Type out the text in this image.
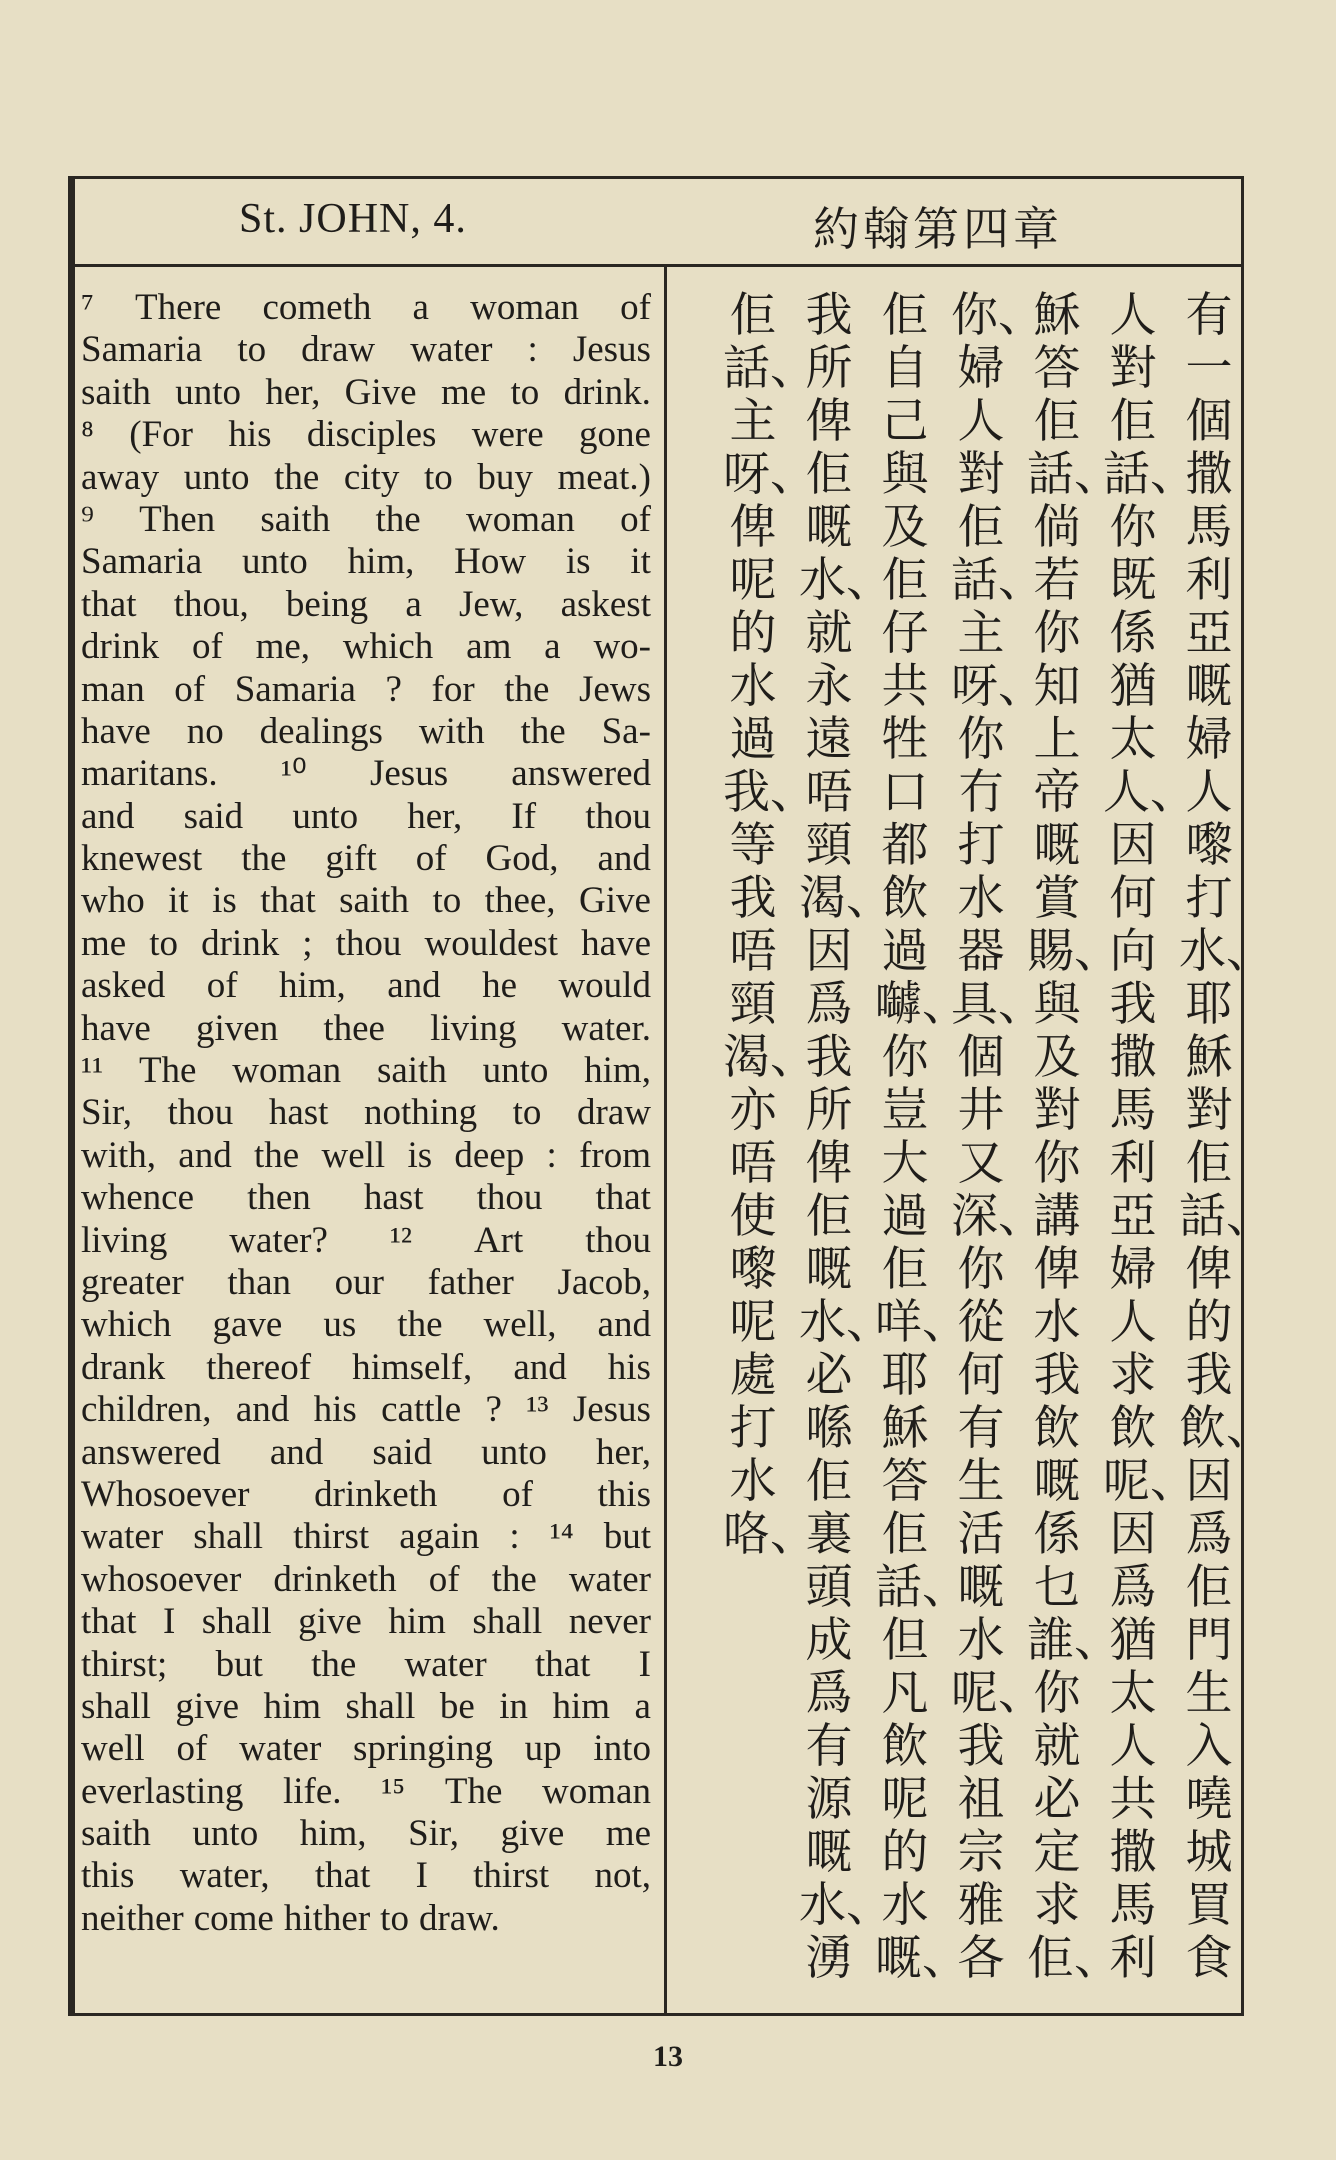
St. JOHN, 4.	約翰第四章
⁷ There cometh a woman of
Samaria to draw water : Jesus
saith unto her, Give me to drink.
⁸ (For his disciples were gone
away unto the city to buy meat.)
⁹ Then saith the woman of
Samaria unto him, How is it
that thou, being a Jew, askest
drink of me, which am a wo-
man of Samaria ? for the Jews
have no dealings with the Sa-
maritans. ¹⁰ Jesus answered
and said unto her, If thou
knewest the gift of God, and
who it is that saith to thee, Give
me to drink ; thou wouldest have
asked of him, and he would
have given thee living water.
¹¹ The woman saith unto him,
Sir, thou hast nothing to draw
with, and the well is deep : from
whence then hast thou that
living water? ¹² Art thou
greater than our father Jacob,
which gave us the well, and
drank thereof himself, and his
children, and his cattle ? ¹³ Jesus
answered and said unto her,
Whosoever drinketh of this
water shall thirst again : ¹⁴ but
whosoever drinketh of the water
that I shall give him shall never
thirst; but the water that I
shall give him shall be in him a
well of water springing up into
everlasting life. ¹⁵ The woman
saith unto him, Sir, give me
this water, that I thirst not,
neither come hither to draw.
有
一
個
撒
馬
利
亞
嘅
婦
人
嚟
打
水、
耶
穌
對
佢
話、
俾
的
我
飲、
因
爲
佢
門
生
入
嘵
城
買
食
人
對
佢
話、
你
既
係
猶
太
人、
因
何
向
我
撒
馬
利
亞
婦
人
求
飲
呢、
因
爲
猶
太
人
共
撒
馬
利
穌
答
佢
話、
倘
若
你
知
上
帝
嘅
賞
賜、
與
及
對
你
講
俾
水
我
飲
嘅
係
乜
誰、
你
就
必
定
求
佢、
你、
婦
人
對
佢
話、
主
呀、
你
冇
打
水
器
具、
個
井
又
深、
你
從
何
有
生
活
嘅
水
呢、
我
祖
宗
雅
各
佢
自
己
與
及
佢
仔
共
牲
口
都
飲
過
嚹、
你
豈
大
過
佢
咩、
耶
穌
答
佢
話、
但
凡
飲
呢
的
水
嘅、
我
所
俾
佢
嘅
水、
就
永
遠
唔
頸
渴、
因
爲
我
所
俾
佢
嘅
水、
必
喺
佢
裏
頭
成
爲
有
源
嘅
水、
湧
佢
話、
主
呀、
俾
呢
的
水
過
我、
等
我
唔
頸
渴、
亦
唔
使
嚟
呢
處
打
水
咯、
13
